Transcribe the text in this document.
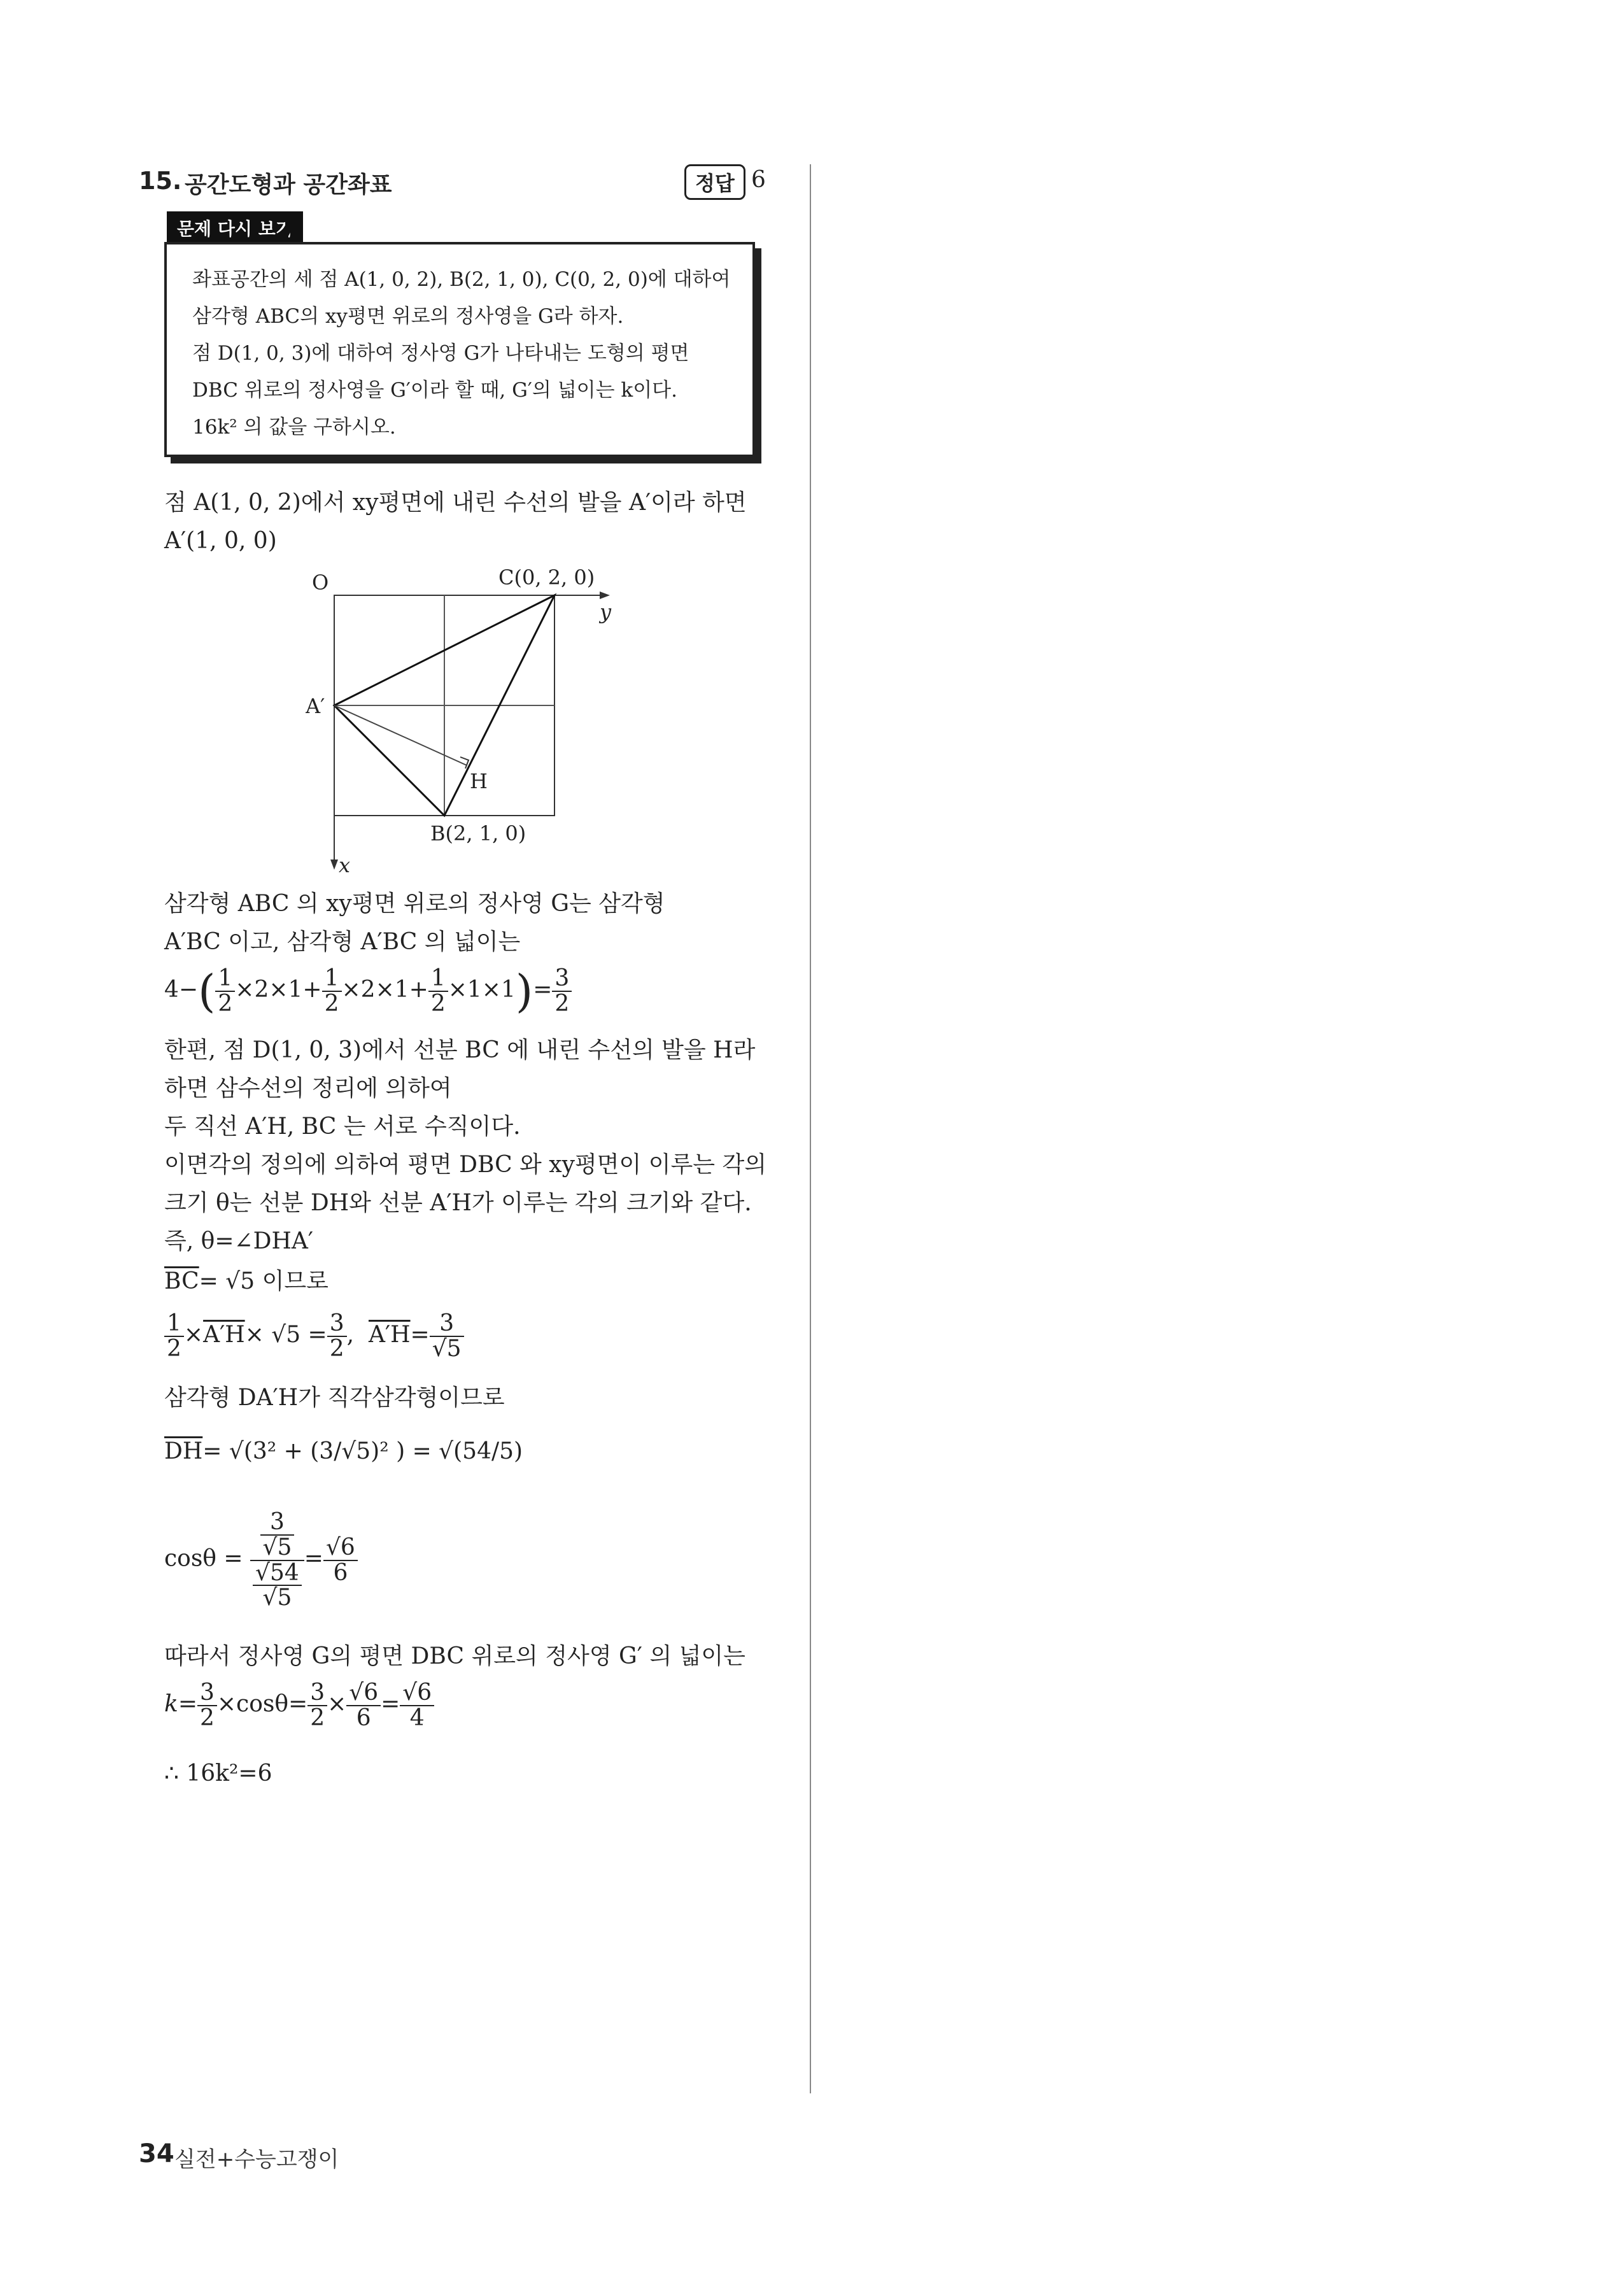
15. 공간도형과 공간좌표	정답 6
문제 다시 보기

좌표공간의 세 점 A(1, 0, 2), B(2, 1, 0), C(0, 2, 0)에 대하여

삼각형 ABC의 xy평면 위로의 정사영을 G라 하자.

점 D(1, 0, 3)에 대하여 정사영 G가 나타내는 도형의 평면

DBC 위로의 정사영을 G′이라 할 때, G′의 넓이는 k이다.

16k² 의 값을 구하시오.

점 A(1, 0, 2)에서 xy평면에 내린 수선의 발을 A′이라 하면
A′(1, 0, 0)
O	C(0, 2, 0)
y
A′
H
B(2, 1, 0)
x
삼각형 ABC 의 xy평면 위로의 정사영 G는 삼각형
A′BC 이고, 삼각형 A′BC 의 넓이는
$4-( \frac{1}{2} \times 2\times 1+ \frac{1}{2} \times 2\times 1+ \frac{1}{2} \times 1\times 1)= \frac{3}{2}$
한편, 점 D(1, 0, 3)에서 선분 BC 에 내린 수선의 발을 H라
하면 삼수선의 정리에 의하여
두 직선 A′H, BC 는 서로 수직이다.
이면각의 정의에 의하여 평면 DBC 와 xy평면이 이루는 각의
크기 θ는 선분 DH와 선분 A′H가 이루는 각의 크기와 같다.
즉, θ=∠DHA′
$\overline{BC}= √5$ 이므로
$\frac{1}{2} \times A'H\times √5 = \frac{3}{2}$ , $A'H= \frac{3}{√5}$
삼각형 DA′H가 직각삼각형이므로
$\overline{DH}= √(3^2 + (3/√5)^2$ ) = √(54/5)
$\cos\theta = \frac{\frac{3}{√5}}{\frac{√54}{√5}} = \frac{√6}{6}$
따라서 정사영 G의 평면 DBC 위로의 정사영 G′ 의 넓이는
$k= \frac{3}{2} \times\cos\theta= \frac{3}{2} \times \frac{√6}{6} = \frac{√6}{4}$
∴ 16k²=6
34 실전+수능고쟁이
